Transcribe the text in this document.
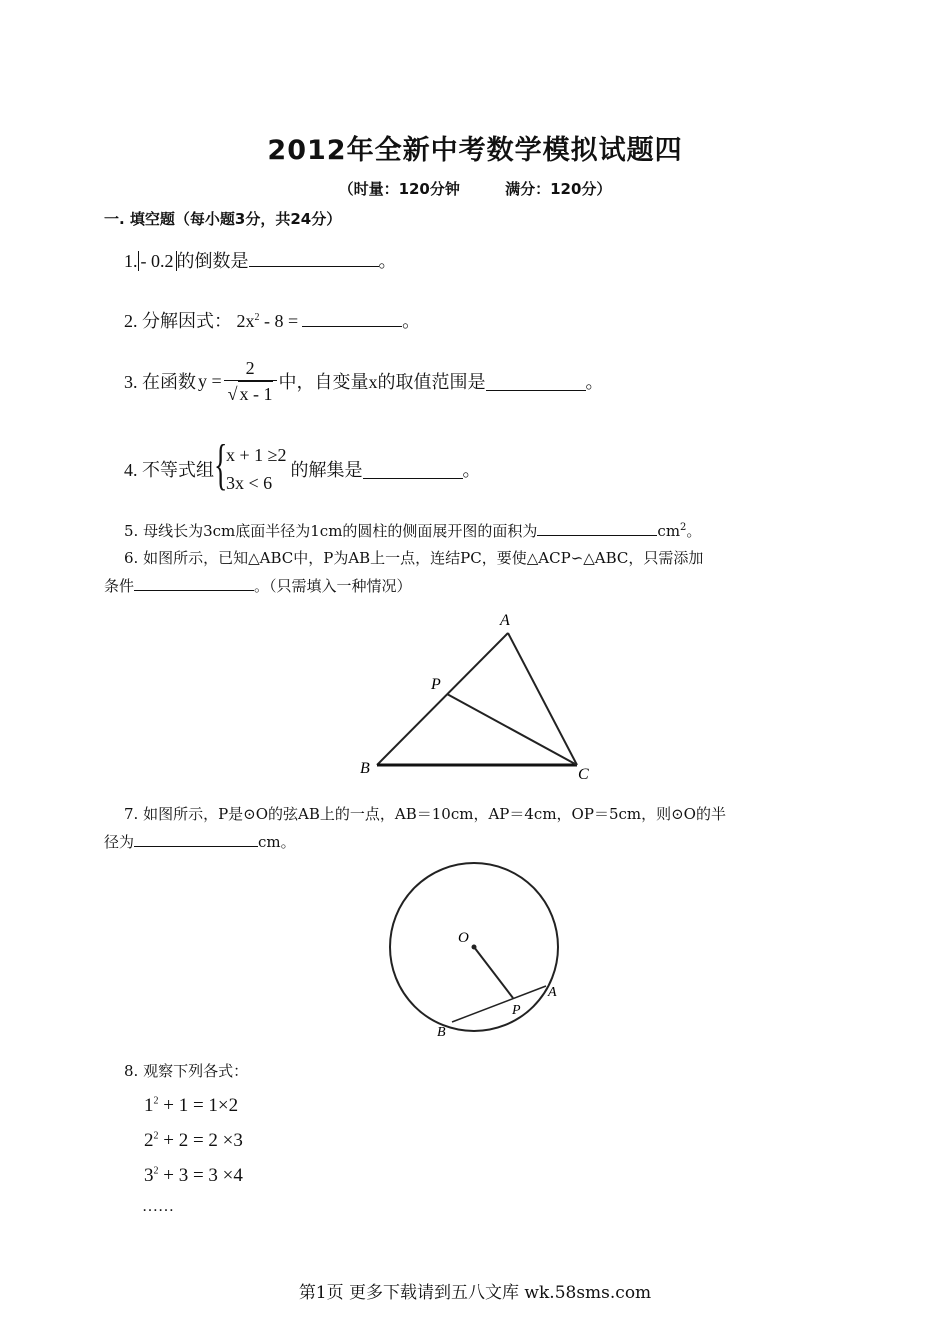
2012年全新中考数学模拟试题四
（时量：120分钟	满分：120分）
一. 填空题（每小题3分，共24分）
1. - 0.2 的倒数是	。
2. 分解因式： $2x^2 - 8$ =	。
3. 在函数 $y = \frac{2}{√ x - 1}$ 中，自变量x的取值范围是	。
4. 不等式组 {
x + 1 ≥2
3x < 6
的解集是	。
5. 母线长为3cm底面半径为1cm的圆柱的侧面展开图的面积为	$cm^2$。
6. 如图所示，已知△ABC中，P为AB上一点，连结PC，要使△ACP∽△ABC，只需添加
条件	。（只需填入一种情况）
A
P
B	C
7. 如图所示，P是⊙O的弦AB上的一点，AB＝10cm，AP＝4cm，OP＝5cm，则⊙O的半
径为	cm。
O
A
B
P
8. 观察下列各式：
$1^2 + 1 = 1\times 2$
$2^2 + 2 = 2 \times 3$
$3^2 + 3 = 3 \times 4$
……
第1页 更多下载请到五八文库 wk.58sms.com
